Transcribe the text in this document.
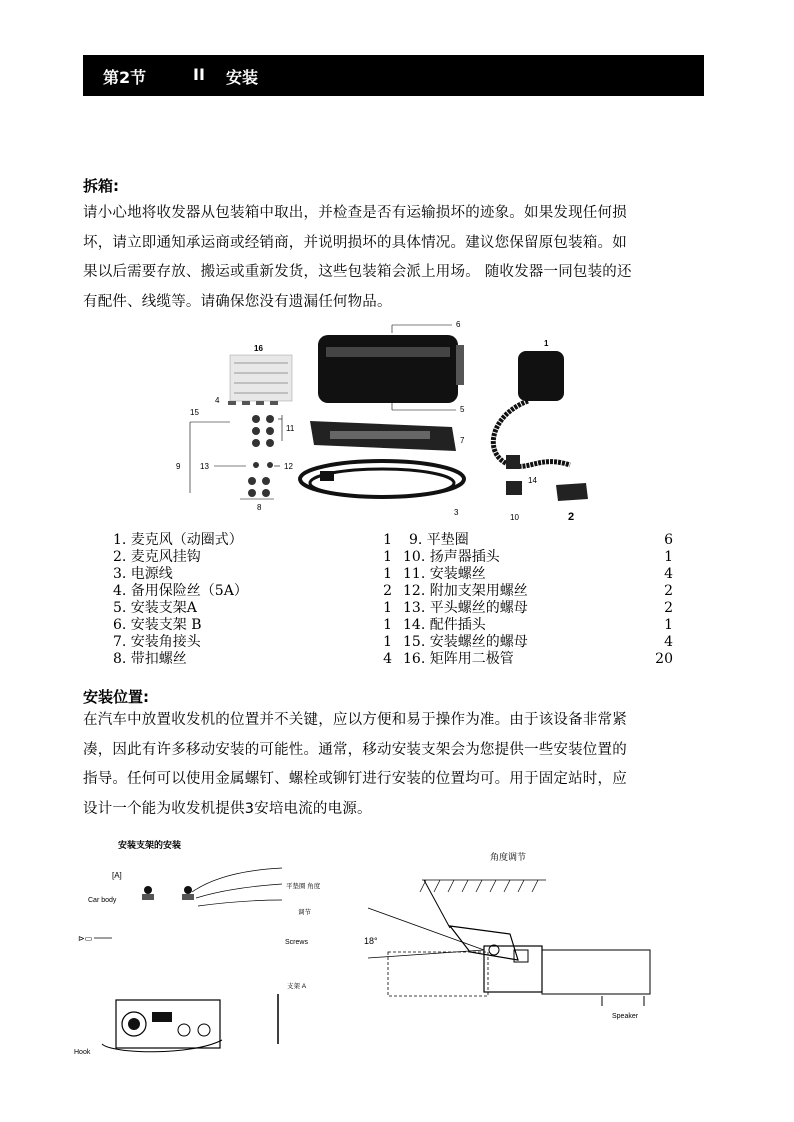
第2节	II 安装
拆箱:
请小心地将收发器从包装箱中取出，并检查是否有运输损坏的迹象。如果发现任何损
坏，请立即通知承运商或经销商，并说明损坏的具体情况。建议您保留原包装箱。如
果以后需要存放、搬运或重新发货，这些包装箱会派上用场。 随收发器一同包装的还
有配件、线缆等。请确保您没有遗漏任何物品。
16
6
5
1
4
15
11
9 13	12
8
7
3
14
10	2
1. 麦克风（动圈式）	1
2. 麦克风挂钩	1
3. 电源线	1
4. 备用保险丝（5A）	2
5. 安装支架A	1
6. 安装支架 B	1
7. 安装角接头	1
8. 带扣螺丝	4
9. 平垫圈	6
10. 扬声器插头	1
11. 安装螺丝	4
12. 附加支架用螺丝	2
13. 平头螺丝的螺母	2
14. 配件插头	1
15. 安装螺丝的螺母	4
16. 矩阵用二极管	20
安装位置:
在汽车中放置收发机的位置并不关键，应以方便和易于操作为准。由于该设备非常紧
凑，因此有许多移动安装的可能性。通常，移动安装支架会为您提供一些安装位置的
指导。任何可以使用金属螺钉、螺栓或铆钉进行安装的位置均可。用于固定站时，应
设计一个能为收发机提供3安培电流的电源。
安装支架的安装
[A]
Car body
平垫圈 角度
调节
⊳▭	Screws
支架 A
Hook
角度调节
18°
Speaker
